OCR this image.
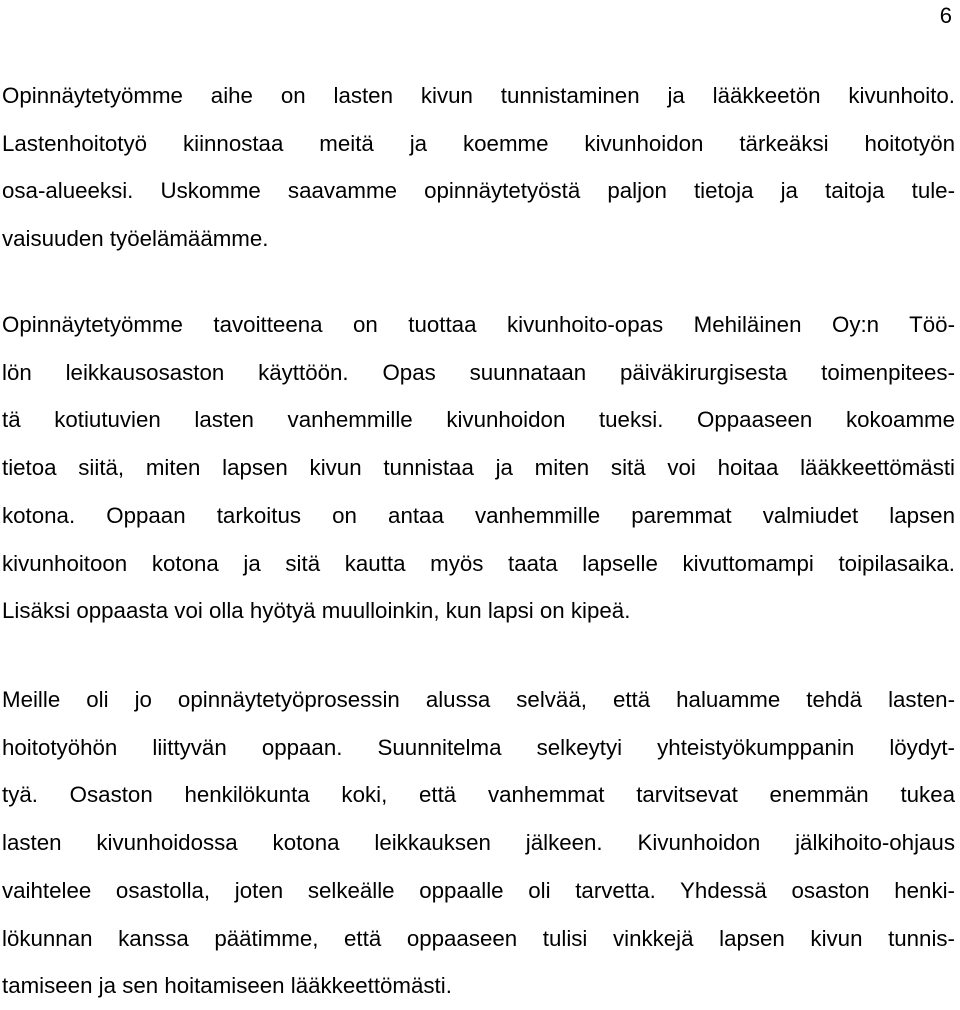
6
Opinnäytetyömme aihe on lasten kivun tunnistaminen ja lääkkeetön kivunhoito.
Lastenhoitotyö kiinnostaa meitä ja koemme kivunhoidon tärkeäksi hoitotyön
osa-alueeksi. Uskomme saavamme opinnäytetyöstä paljon tietoja ja taitoja tule-
vaisuuden työelämäämme.
Opinnäytetyömme tavoitteena on tuottaa kivunhoito-opas Mehiläinen Oy:n Töö-
lön leikkausosaston käyttöön. Opas suunnataan päiväkirurgisesta toimenpitees-
tä kotiutuvien lasten vanhemmille kivunhoidon tueksi. Oppaaseen kokoamme
tietoa siitä, miten lapsen kivun tunnistaa ja miten sitä voi hoitaa lääkkeettömästi
kotona. Oppaan tarkoitus on antaa vanhemmille paremmat valmiudet lapsen
kivunhoitoon kotona ja sitä kautta myös taata lapselle kivuttomampi toipilasaika.
Lisäksi oppaasta voi olla hyötyä muulloinkin, kun lapsi on kipeä.
Meille oli jo opinnäytetyöprosessin alussa selvää, että haluamme tehdä lasten-
hoitotyöhön liittyvän oppaan. Suunnitelma selkeytyi yhteistyökumppanin löydyt-
tyä. Osaston henkilökunta koki, että vanhemmat tarvitsevat enemmän tukea
lasten kivunhoidossa kotona leikkauksen jälkeen. Kivunhoidon jälkihoito-ohjaus
vaihtelee osastolla, joten selkeälle oppaalle oli tarvetta. Yhdessä osaston henki-
lökunnan kanssa päätimme, että oppaaseen tulisi vinkkejä lapsen kivun tunnis-
tamiseen ja sen hoitamiseen lääkkeettömästi.
